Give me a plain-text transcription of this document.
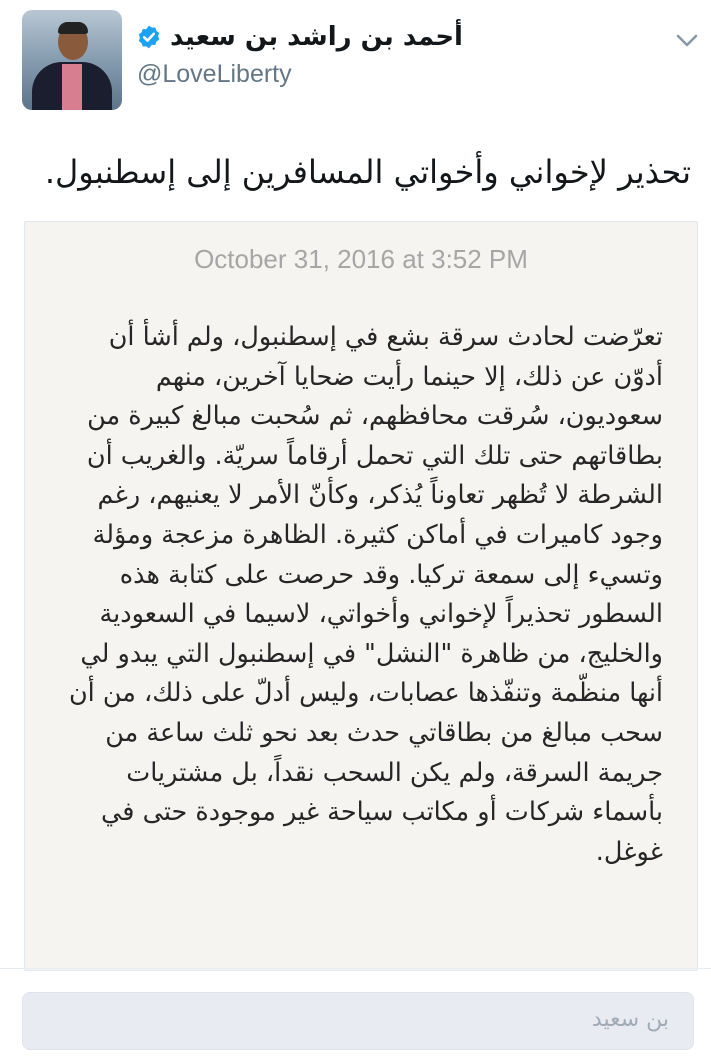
أحمد بن راشد بن سعيد
@LoveLiberty
تحذير لإخواني وأخواتي المسافرين إلى إسطنبول.
October 31, 2016 at 3:52 PM
تعرّضت لحادث سرقة بشع في إسطنبول، ولم أشأ أن
أدوّن عن ذلك، إلا حينما رأيت ضحايا آخرين، منهم
سعوديون، سُرقت محافظهم، ثم سُحبت مبالغ كبيرة من
بطاقاتهم حتى تلك التي تحمل أرقاماً سريّة. والغريب أن
الشرطة لا تُظهر تعاوناً يُذكر، وكأنّ الأمر لا يعنيهم، رغم
وجود كاميرات في أماكن كثيرة. الظاهرة مزعجة ومؤلة
وتسيء إلى سمعة تركيا. وقد حرصت على كتابة هذه
السطور تحذيراً لإخواني وأخواتي، لاسيما في السعودية
والخليج، من ظاهرة "النشل" في إسطنبول التي يبدو لي
أنها منظّمة وتنفّذها عصابات، وليس أدلّ على ذلك، من أن
سحب مبالغ من بطاقاتي حدث بعد نحو ثلث ساعة من
جريمة السرقة، ولم يكن السحب نقداً، بل مشتريات
بأسماء شركات أو مكاتب سياحة غير موجودة حتى في
غوغل.
بن سعيد
